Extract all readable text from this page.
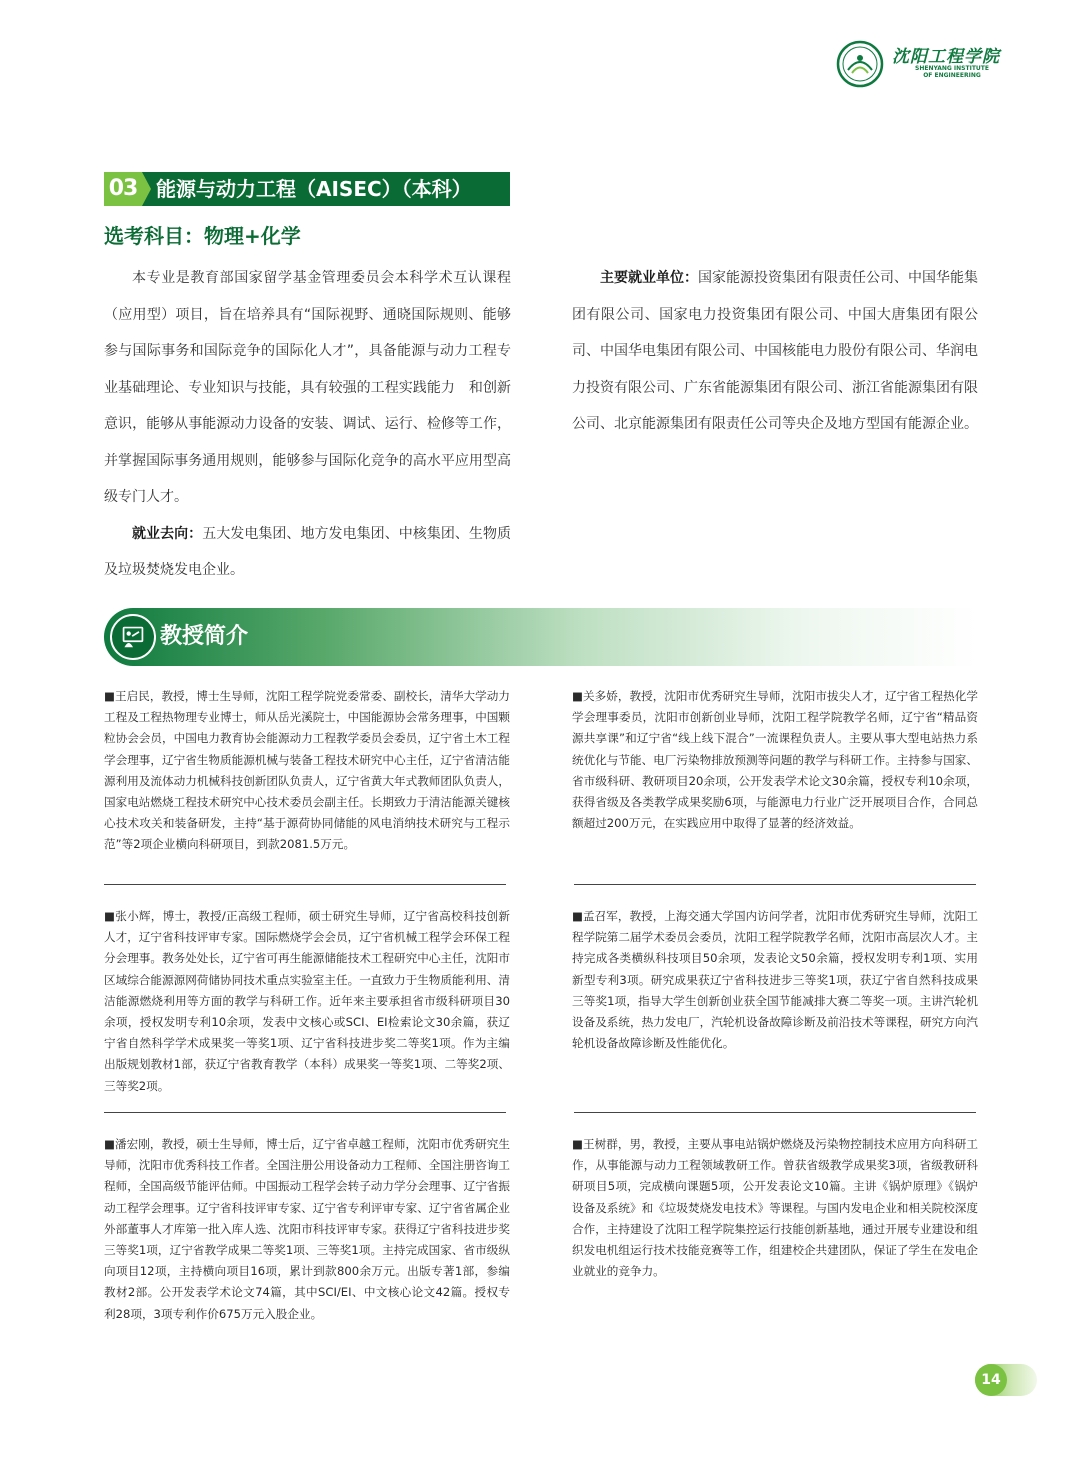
沈阳工程学院
SHENYANG INSTITUTE OF ENGINEERING
03 能源与动力工程（AISEC）（本科）
选考科目：物理+化学

本专业是教育部国家留学基金管理委员会本科学术互认课程（应用型）项目，旨在培养具有“国际视野、通晓国际规则、能够参与国际事务和国际竞争的国际化人才”，具备能源与动力工程专业基础理论、专业知识与技能，具有较强的工程实践能力　和创新意识，能够从事能源动力设备的安装、调试、运行、检修等工作，并掌握国际事务通用规则，能够参与国际化竞争的高水平应用型高级专门人才。

就业去向：五大发电集团、地方发电集团、中核集团、生物质及垃圾焚烧发电企业。

主要就业单位：国家能源投资集团有限责任公司、中国华能集团有限公司、国家电力投资集团有限公司、中国大唐集团有限公司、中国华电集团有限公司、中国核能电力股份有限公司、华润电力投资有限公司、广东省能源集团有限公司、浙江省能源集团有限公司、北京能源集团有限责任公司等央企及地方型国有能源企业。

教授简介
■王启民，教授，博士生导师，沈阳工程学院党委常委、副校长，清华大学动力工程及工程热物理专业博士，师从岳光溪院士，中国能源协会常务理事，中国颗粒协会会员，中国电力教育协会能源动力工程教学委员会委员，辽宁省土木工程学会理事，辽宁省生物质能源机械与装备工程技术研究中心主任，辽宁省清洁能源利用及流体动力机械科技创新团队负责人，辽宁省黄大年式教师团队负责人，国家电站燃烧工程技术研究中心技术委员会副主任。长期致力于清洁能源关键核心技术攻关和装备研发，主持“基于源荷协同储能的风电消纳技术研究与工程示范”等2项企业横向科研项目，到款2081.5万元。
■关多娇，教授，沈阳市优秀研究生导师，沈阳市拔尖人才，辽宁省工程热化学学会理事委员，沈阳市创新创业导师，沈阳工程学院教学名师，辽宁省“精品资源共享课”和辽宁省“线上线下混合”一流课程负责人。主要从事大型电站热力系统优化与节能、电厂污染物排放预测等问题的教学与科研工作。主持参与国家、省市级科研、教研项目20余项，公开发表学术论文30余篇，授权专利10余项，获得省级及各类教学成果奖励6项，与能源电力行业广泛开展项目合作，合同总额超过200万元，在实践应用中取得了显著的经济效益。
■张小辉，博士，教授/正高级工程师，硕士研究生导师，辽宁省高校科技创新人才，辽宁省科技评审专家。国际燃烧学会会员，辽宁省机械工程学会环保工程分会理事。教务处处长，辽宁省可再生能源储能技术工程研究中心主任，沈阳市区域综合能源源网荷储协同技术重点实验室主任。一直致力于生物质能利用、清洁能源燃烧利用等方面的教学与科研工作。近年来主要承担省市级科研项目30余项，授权发明专利10余项，发表中文核心或SCI、EI检索论文30余篇，获辽宁省自然科学学术成果奖一等奖1项、辽宁省科技进步奖二等奖1项。作为主编出版规划教材1部，获辽宁省教育教学（本科）成果奖一等奖1项、二等奖2项、三等奖2项。
■孟召军，教授，上海交通大学国内访问学者，沈阳市优秀研究生导师，沈阳工程学院第二届学术委员会委员，沈阳工程学院教学名师，沈阳市高层次人才。主持完成各类横纵科技项目50余项，发表论文50余篇，授权发明专利1项、实用新型专利3项。研究成果获辽宁省科技进步三等奖1项，获辽宁省自然科技成果三等奖1项，指导大学生创新创业获全国节能减排大赛二等奖一项。主讲汽轮机设备及系统，热力发电厂，汽轮机设备故障诊断及前沿技术等课程，研究方向汽轮机设备故障诊断及性能优化。
■潘宏刚，教授，硕士生导师，博士后，辽宁省卓越工程师，沈阳市优秀研究生导师，沈阳市优秀科技工作者。全国注册公用设备动力工程师、全国注册咨询工程师，全国高级节能评估师。中国振动工程学会转子动力学分会理事、辽宁省振动工程学会理事。辽宁省科技评审专家、辽宁省专利评审专家、辽宁省省属企业外部董事人才库第一批入库人选、沈阳市科技评审专家。获得辽宁省科技进步奖三等奖1项，辽宁省教学成果二等奖1项、三等奖1项。主持完成国家、省市级纵向项目12项，主持横向项目16项，累计到款800余万元。出版专著1部，参编教材2部。公开发表学术论文74篇，其中SCI/EI、中文核心论文42篇。授权专利28项，3项专利作价675万元入股企业。
■王树群，男，教授，主要从事电站锅炉燃烧及污染物控制技术应用方向科研工作，从事能源与动力工程领域教研工作。曾获省级教学成果奖3项，省级教研科研项目5项，完成横向课题5项，公开发表论文10篇。主讲《锅炉原理》《锅炉设备及系统》和《垃圾焚烧发电技术》等课程。与国内发电企业和相关院校深度合作，主持建设了沈阳工程学院集控运行技能创新基地，通过开展专业建设和组织发电机组运行技术技能竞赛等工作，组建校企共建团队，保证了学生在发电企业就业的竞争力。
14
